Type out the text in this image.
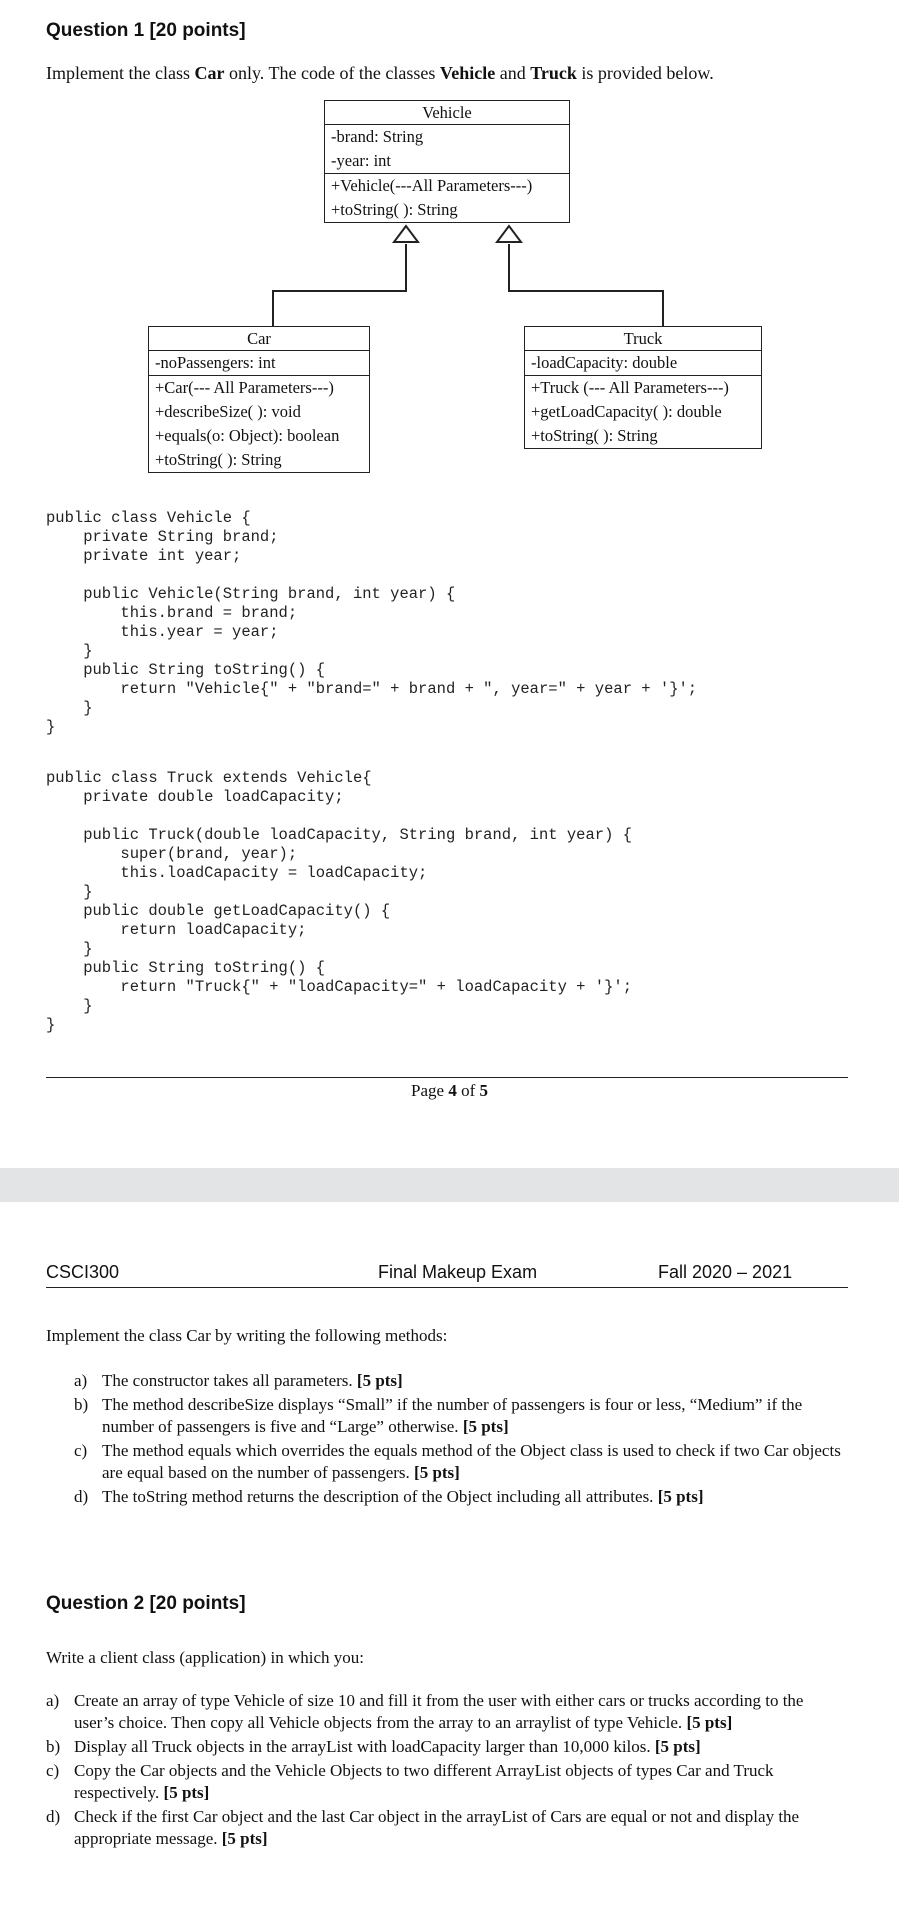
Question 1 [20 points]
Implement the class Car only. The code of the classes Vehicle and Truck is provided below.
Vehicle
-brand: String
-year: int
+Vehicle(---All Parameters---)
+toString( ): String
Car
-noPassengers: int
+Car(--- All Parameters---)
+describeSize( ): void
+equals(o: Object): boolean
+toString( ): String
Truck
-loadCapacity: double
+Truck (--- All Parameters---)
+getLoadCapacity( ): double
+toString( ): String
public class Vehicle {
private String brand;
private int year;

public Vehicle(String brand, int year) {
this.brand = brand;
this.year = year;
}
public String toString() {
return "Vehicle{" + "brand=" + brand + ", year=" + year + '}';
}
}
public class Truck extends Vehicle{
private double loadCapacity;

public Truck(double loadCapacity, String brand, int year) {
super(brand, year);
this.loadCapacity = loadCapacity;
}
public double getLoadCapacity() {
return loadCapacity;
}
public String toString() {
return "Truck{" + "loadCapacity=" + loadCapacity + '}';
}
}
Page 4 of 5
CSCI300	Final Makeup Exam	Fall 2020 – 2021
Implement the class Car by writing the following methods:
a) The constructor takes all parameters. [5 pts]
b) The method describeSize displays “Small” if the number of passengers is four or less, “Medium” if the number of passengers is five and “Large” otherwise. [5 pts]
c) The method equals which overrides the equals method of the Object class is used to check if two Car objects are equal based on the number of passengers. [5 pts]
d) The toString method returns the description of the Object including all attributes. [5 pts]
Question 2 [20 points]
Write a client class (application) in which you:
a) Create an array of type Vehicle of size 10 and fill it from the user with either cars or trucks according to the user’s choice. Then copy all Vehicle objects from the array to an arraylist of type Vehicle. [5 pts]
b) Display all Truck objects in the arrayList with loadCapacity larger than 10,000 kilos. [5 pts]
c) Copy the Car objects and the Vehicle Objects to two different ArrayList objects of types Car and Truck respectively. [5 pts]
d) Check if the first Car object and the last Car object in the arrayList of Cars are equal or not and display the appropriate message. [5 pts]
